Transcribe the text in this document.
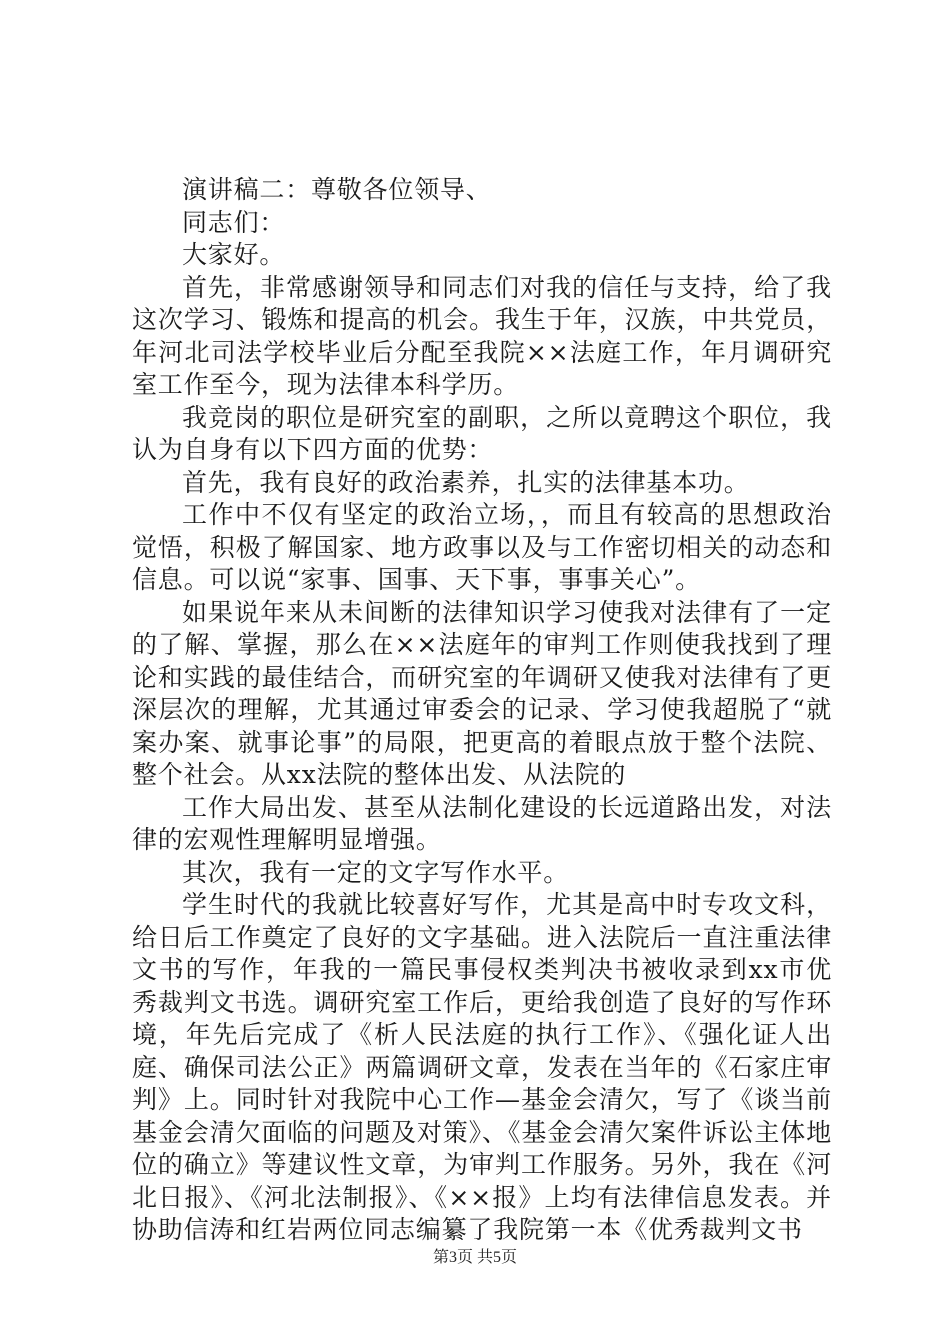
演讲稿二：尊敬各位领导、

同志们：

大家好。

首先，非常感谢领导和同志们对我的信任与支持，给了我这次学习、锻炼和提高的机会。我生于年，汉族，中共党员，年河北司法学校毕业后分配至我院××法庭工作，年月调研究室工作至今，现为法律本科学历。

我竞岗的职位是研究室的副职，之所以竟聘这个职位，我认为自身有以下四方面的优势：

首先，我有良好的政治素养，扎实的法律基本功。

工作中不仅有坚定的政治立场，，而且有较高的思想政治觉悟，积极了解国家、地方政事以及与工作密切相关的动态和信息。可以说“家事、国事、天下事，事事关心”。

如果说年来从未间断的法律知识学习使我对法律有了一定的了解、掌握，那么在××法庭年的审判工作则使我找到了理论和实践的最佳结合，而研究室的年调研又使我对法律有了更深层次的理解，尤其通过审委会的记录、学习使我超脱了“就案办案、就事论事”的局限，把更高的着眼点放于整个法院、整个社会。从xx法院的整体出发、从法院的

工作大局出发、甚至从法制化建设的长远道路出发，对法律的宏观性理解明显增强。

其次，我有一定的文字写作水平。

学生时代的我就比较喜好写作，尤其是高中时专攻文科，给日后工作奠定了良好的文字基础。进入法院后一直注重法律文书的写作，年我的一篇民事侵权类判决书被收录到xx市优秀裁判文书选。调研究室工作后，更给我创造了良好的写作环境，年先后完成了《析人民法庭的执行工作》、《强化证人出庭、确保司法公正》两篇调研文章，发表在当年的《石家庄审判》上。同时针对我院中心工作—基金会清欠，写了《谈当前基金会清欠面临的问题及对策》、《基金会清欠案件诉讼主体地位的确立》等建议性文章，为审判工作服务。另外，我在《河北日报》、《河北法制报》、《××报》上均有法律信息发表。并协助信涛和红岩两位同志编纂了我院第一本《优秀裁判文书

第3页 共5页
